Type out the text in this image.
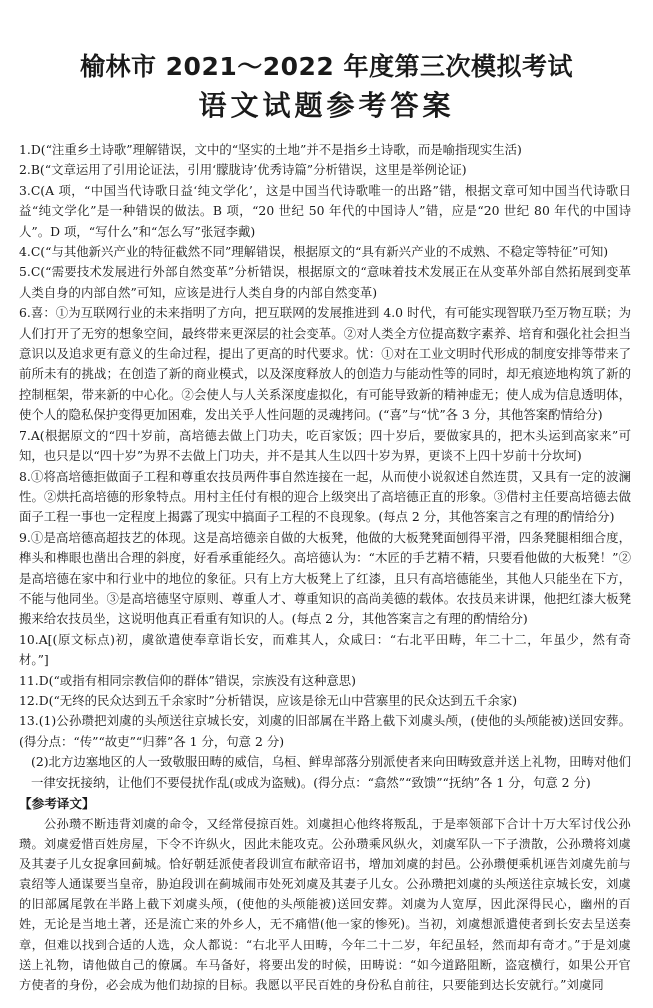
榆林市 2021～2022 年度第三次模拟考试
语文试题参考答案

1.D(“注重乡土诗歌”理解错误，文中的“坚实的土地”并不是指乡土诗歌，而是喻指现实生活)

2.B(“文章运用了引用论证法，引用‘朦胧诗’优秀诗篇”分析错误，这里是举例论证)

3.C(A 项，“中国当代诗歌日益‘纯文学化’，这是中国当代诗歌唯一的出路”错，根据文章可知中国当代诗歌日益“纯文学化”是一种错误的做法。B 项，“20 世纪 50 年代的中国诗人”错，应是“20 世纪 80 年代的中国诗人”。D 项，“写什么”和“怎么写”张冠李戴)

4.C(“与其他新兴产业的特征截然不同”理解错误，根据原文的“具有新兴产业的不成熟、不稳定等特征”可知)

5.C(“需要技术发展进行外部自然变革”分析错误，根据原文的“意味着技术发展正在从变革外部自然拓展到变革人类自身的内部自然”可知，应该是进行人类自身的内部自然变革)

6.喜：①为互联网行业的未来指明了方向，把互联网的发展推进到 4.0 时代，有可能实现智联乃至万物互联；为人们打开了无穷的想象空间，最终带来更深层的社会变革。②对人类全方位提高数字素养、培育和强化社会担当意识以及追求更有意义的生命过程，提出了更高的时代要求。忧：①对在工业文明时代形成的制度安排等带来了前所未有的挑战；在创造了新的商业模式，以及深度释放人的创造力与能动性等的同时，却无痕迹地构筑了新的控制框架，带来新的中心化。②会使人与人关系深度虚拟化，有可能导致新的精神虚无；使人成为信息透明体，使个人的隐私保护变得更加困难，发出关乎人性问题的灵魂拷问。(“喜”与“忧”各 3 分，其他答案酌情给分)

7.A(根据原文的“四十岁前，高培德去做上门功夫，吃百家饭；四十岁后，要做家具的，把木头运到高家来”可知，也只是以“四十岁”为界不去做上门功夫，并不是其人生以四十岁为界，更谈不上四十岁前十分坎坷)

8.①将高培德拒做面子工程和尊重农技员两件事自然连接在一起，从而使小说叙述自然连贯，又具有一定的波澜性。②烘托高培德的形象特点。用村主任付有根的迎合上级突出了高培德正直的形象。③借村主任要高培德去做面子工程一事也一定程度上揭露了现实中搞面子工程的不良现象。(每点 2 分，其他答案言之有理的酌情给分)

9.①是高培德高超技艺的体现。这是高培德亲自做的大板凳，他做的大板凳凳面刨得平滑，四条凳腿相细合度，榫头和榫眼也凿出合理的斜度，好看承重能经久。高培德认为：“木匠的手艺精不精，只要看他做的大板凳！”②是高培德在家中和行业中的地位的象征。只有上方大板凳上了红漆，且只有高培德能坐，其他人只能坐在下方，不能与他同坐。③是高培德坚守原则、尊重人才、尊重知识的高尚美德的载体。农技员来讲课，他把红漆大板凳搬来给农技员坐，这说明他真正看重有知识的人。(每点 2 分，其他答案言之有理的酌情给分)

10.A[(原文标点)初，虞欲遣使奉章诣长安，而难其人，众咸曰：“右北平田畴，年二十二，年虽少，然有奇材。”]

11.D(“或指有相同宗教信仰的群体”错误，宗族没有这种意思)

12.D(“无终的民众达到五千余家时”分析错误，应该是徐无山中营寨里的民众达到五千余家)

13.(1)公孙瓒把刘虞的头颅送往京城长安，刘虞的旧部属在半路上截下刘虞头颅，(使他的头颅能被)送回安葬。(得分点：“传”“故吏”“归葬”各 1 分，句意 2 分)

(2)北方边塞地区的人一致敬服田畴的威信，乌桓、鲜卑部落分别派使者来向田畴致意并送上礼物，田畴对他们一律安抚接纳，让他们不要侵扰作乱(或成为盗贼)。(得分点：“翕然”“致馈”“抚纳”各 1 分，句意 2 分)

【参考译文】

公孙瓒不断违背刘虞的命令，又经常侵掠百姓。刘虞担心他终将叛乱，于是率领部下合计十万大军讨伐公孙瓒。刘虞爱惜百姓房屋，下令不许纵火，因此未能攻克。公孙瓒乘风纵火，刘虞军队一下子溃散，公孙瓒将刘虞及其妻子儿女捉拿回蓟城。恰好朝廷派使者段训宣布献帝诏书，增加刘虞的封邑。公孙瓒便乘机诬告刘虞先前与袁绍等人通谋要当皇帝，胁迫段训在蓟城闹市处死刘虞及其妻子儿女。公孙瓒把刘虞的头颅送往京城长安，刘虞的旧部属尾敦在半路上截下刘虞头颅，(使他的头颅能被)送回安葬。刘虞为人宽厚，因此深得民心，幽州的百姓，无论是当地土著，还是流亡来的外乡人，无不痛惜(他一家的惨死)。当初，刘虞想派遣使者到长安去呈送奏章，但难以找到合适的人选，众人都说：“右北平人田畴，今年二十二岁，年纪虽轻，然而却有奇才。”于是刘虞送上礼物，请他做自己的僚属。车马备好，将要出发的时候，田畴说：“如今道路阻断，盗寇横行，如果公开官方使者的身份，必会成为他们劫掠的目标。我愿以平民百姓的身份私自前往，只要能到达长安就行。”刘虞同
